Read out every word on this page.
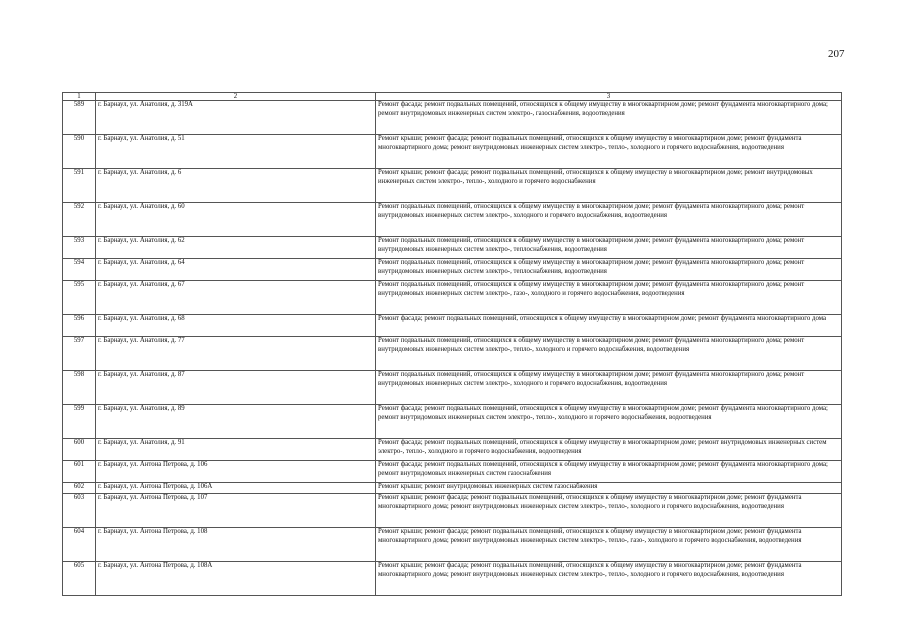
207
1	2	3
589	г. Барнаул, ул. Анатолия, д. 319А	Ремонт фасада; ремонт подвальных помещений, относящихся к общему имуществу в многоквартирном доме; ремонт фундамента многоквартирного дома; ремонт внутридомовых инженерных систем электро-, газоснабжения, водоотведения
590	г. Барнаул, ул. Анатолия, д. 51	Ремонт крыши; ремонт фасада; ремонт подвальных помещений, относящихся к общему имуществу в многоквартирном доме; ремонт фундамента многоквартирного дома; ремонт внутридомовых инженерных систем электро-, тепло-, холодного и горячего водоснабжения, водоотведения
591	г. Барнаул, ул. Анатолия, д. 6	Ремонт крыши; ремонт фасада; ремонт подвальных помещений, относящихся к общему имуществу в многоквартирном доме; ремонт внутридомовых инженерных систем электро-, тепло-, холодного и горячего водоснабжения
592	г. Барнаул, ул. Анатолия, д. 60	Ремонт подвальных помещений, относящихся к общему имуществу в многоквартирном доме; ремонт фундамента многоквартирного дома; ремонт внутридомовых инженерных систем электро-, холодного и горячего водоснабжения, водоотведения
593	г. Барнаул, ул. Анатолия, д. 62	Ремонт подвальных помещений, относящихся к общему имуществу в многоквартирном доме; ремонт фундамента многоквартирного дома; ремонт внутридомовых инженерных систем электро-, теплоснабжения, водоотведения
594	г. Барнаул, ул. Анатолия, д. 64	Ремонт подвальных помещений, относящихся к общему имуществу в многоквартирном доме; ремонт фундамента многоквартирного дома; ремонт внутридомовых инженерных систем электро-, теплоснабжения, водоотведения
595	г. Барнаул, ул. Анатолия, д. 67	Ремонт подвальных помещений, относящихся к общему имуществу в многоквартирном доме; ремонт фундамента многоквартирного дома; ремонт внутридомовых инженерных систем электро-, газо-, холодного и горячего водоснабжения, водоотведения
596	г. Барнаул, ул. Анатолия, д. 68	Ремонт фасада; ремонт подвальных помещений, относящихся к общему имуществу в многоквартирном доме; ремонт фундамента многоквартирного дома
597	г. Барнаул, ул. Анатолия, д. 77	Ремонт подвальных помещений, относящихся к общему имуществу в многоквартирном доме; ремонт фундамента многоквартирного дома; ремонт внутридомовых инженерных систем электро-, тепло-, холодного и горячего водоснабжения, водоотведения
598	г. Барнаул, ул. Анатолия, д. 87	Ремонт подвальных помещений, относящихся к общему имуществу в многоквартирном доме; ремонт фундамента многоквартирного дома; ремонт внутридомовых инженерных систем электро-, холодного и горячего водоснабжения, водоотведения
599	г. Барнаул, ул. Анатолия, д. 89	Ремонт фасада; ремонт подвальных помещений, относящихся к общему имуществу в многоквартирном доме; ремонт фундамента многоквартирного дома; ремонт внутридомовых инженерных систем электро-, тепло-, холодного и горячего водоснабжения, водоотведения
600	г. Барнаул, ул. Анатолия, д. 91	Ремонт фасада; ремонт подвальных помещений, относящихся к общему имуществу в многоквартирном доме; ремонт внутридомовых инженерных систем электро-, тепло-, холодного и горячего водоснабжения, водоотведения
601	г. Барнаул, ул. Антона Петрова, д. 106	Ремонт фасада; ремонт подвальных помещений, относящихся к общему имуществу в многоквартирном доме; ремонт фундамента многоквартирного дома; ремонт внутридомовых инженерных систем газоснабжения
602	г. Барнаул, ул. Антона Петрова, д. 106А	Ремонт крыши; ремонт внутридомовых инженерных систем газоснабжения
603	г. Барнаул, ул. Антона Петрова, д. 107	Ремонт крыши; ремонт фасада; ремонт подвальных помещений, относящихся к общему имуществу в многоквартирном доме; ремонт фундамента многоквартирного дома; ремонт внутридомовых инженерных систем электро-, тепло-, холодного и горячего водоснабжения, водоотведения
604	г. Барнаул, ул. Антона Петрова, д. 108	Ремонт крыши; ремонт фасада; ремонт подвальных помещений, относящихся к общему имуществу в многоквартирном доме; ремонт фундамента многоквартирного дома; ремонт внутридомовых инженерных систем электро-, тепло-, газо-, холодного и горячего водоснабжения, водоотведения
605	г. Барнаул, ул. Антона Петрова, д. 108А	Ремонт крыши; ремонт фасада; ремонт подвальных помещений, относящихся к общему имуществу в многоквартирном доме; ремонт фундамента многоквартирного дома; ремонт внутридомовых инженерных систем электро-, тепло-, холодного и горячего водоснабжения, водоотведения
